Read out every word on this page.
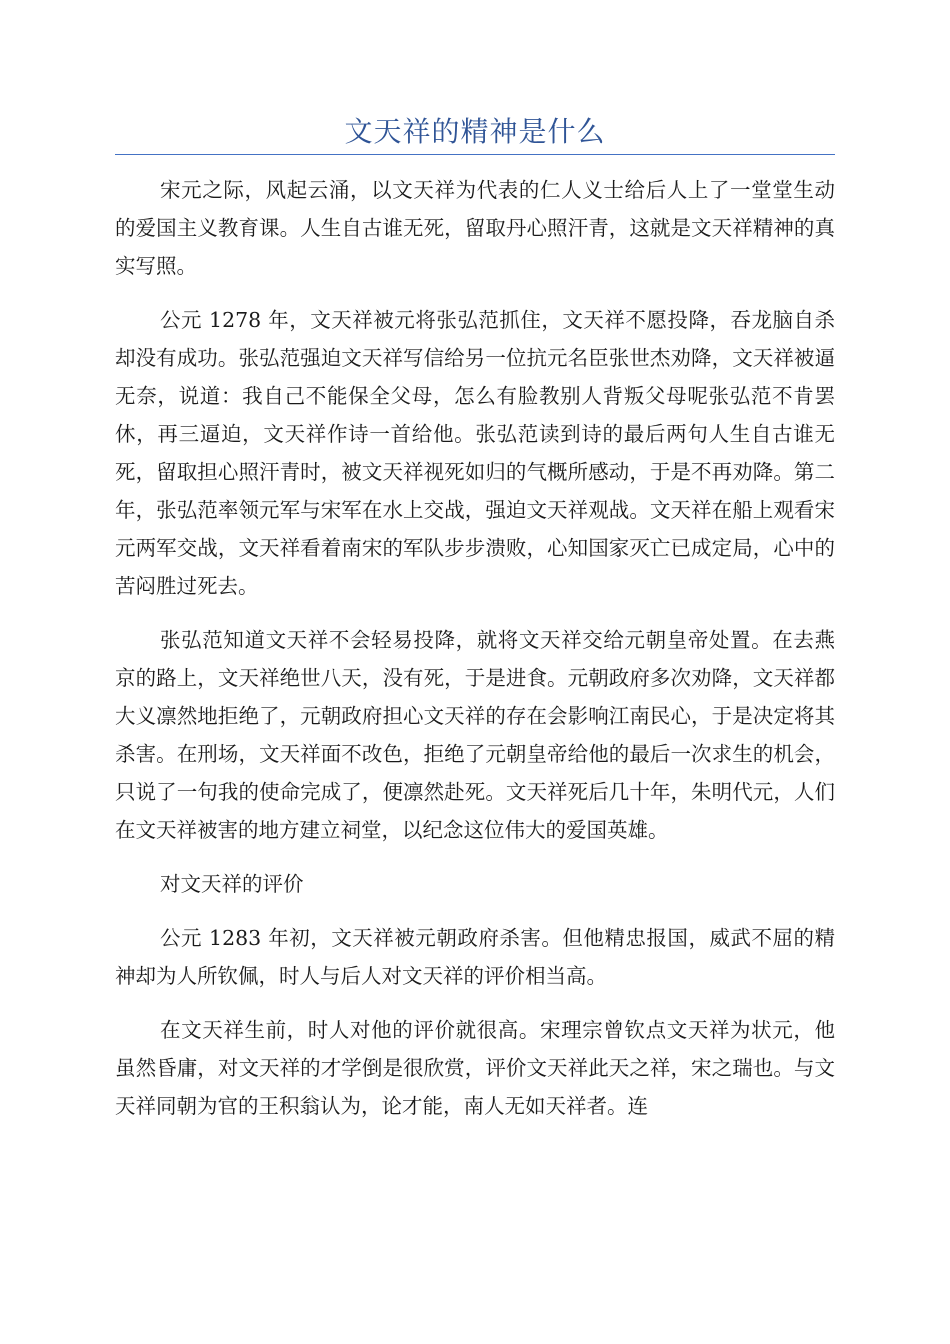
文天祥的精神是什么

宋元之际，风起云涌，以文天祥为代表的仁人义士给后人上了一堂堂生动的爱国主义教育课。人生自古谁无死，留取丹心照汗青，这就是文天祥精神的真实写照。

公元 1278 年，文天祥被元将张弘范抓住，文天祥不愿投降，吞龙脑自杀却没有成功。张弘范强迫文天祥写信给另一位抗元名臣张世杰劝降，文天祥被逼无奈，说道：我自己不能保全父母，怎么有脸教别人背叛父母呢张弘范不肯罢休，再三逼迫，文天祥作诗一首给他。张弘范读到诗的最后两句人生自古谁无死，留取担心照汗青时，被文天祥视死如归的气概所感动，于是不再劝降。第二年，张弘范率领元军与宋军在水上交战，强迫文天祥观战。文天祥在船上观看宋元两军交战，文天祥看着南宋的军队步步溃败，心知国家灭亡已成定局，心中的苦闷胜过死去。

张弘范知道文天祥不会轻易投降，就将文天祥交给元朝皇帝处置。在去燕京的路上，文天祥绝世八天，没有死，于是进食。元朝政府多次劝降，文天祥都大义凛然地拒绝了，元朝政府担心文天祥的存在会影响江南民心，于是决定将其杀害。在刑场，文天祥面不改色，拒绝了元朝皇帝给他的最后一次求生的机会，只说了一句我的使命完成了，便凛然赴死。文天祥死后几十年，朱明代元，人们在文天祥被害的地方建立祠堂，以纪念这位伟大的爱国英雄。

对文天祥的评价

公元 1283 年初，文天祥被元朝政府杀害。但他精忠报国，威武不屈的精神却为人所钦佩，时人与后人对文天祥的评价相当高。

在文天祥生前，时人对他的评价就很高。宋理宗曾钦点文天祥为状元，他虽然昏庸，对文天祥的才学倒是很欣赏，评价文天祥此天之祥，宋之瑞也。与文天祥同朝为官的王积翁认为，论才能，南人无如天祥者。连
